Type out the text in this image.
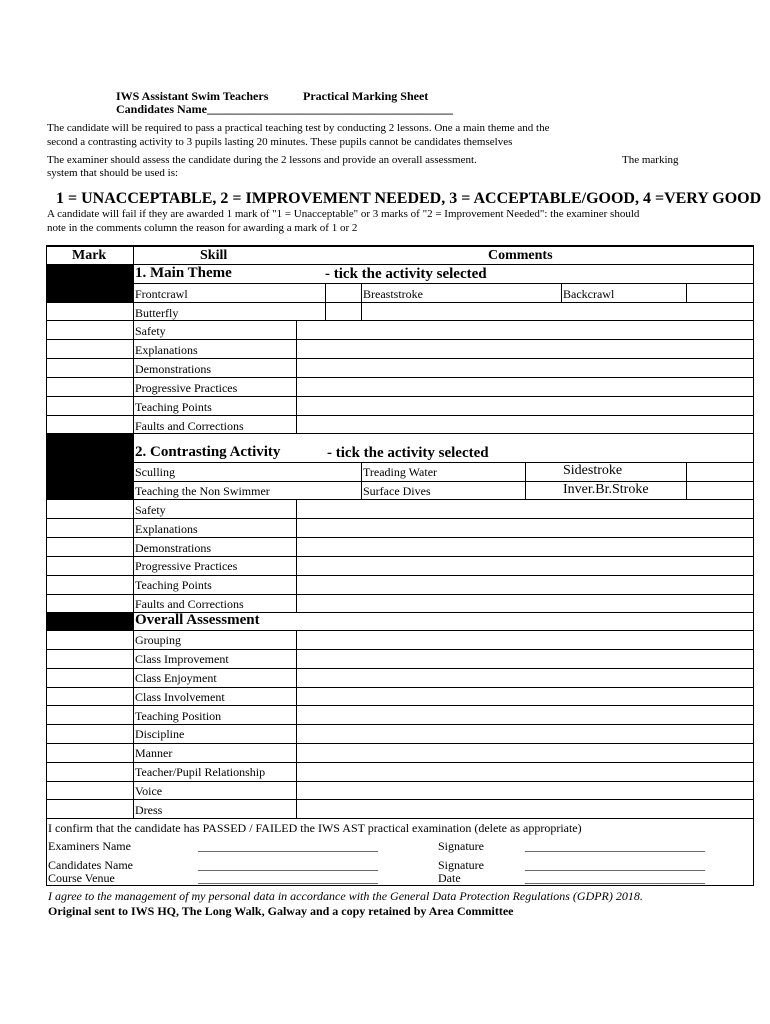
IWS Assistant Swim Teachers	Practical Marking Sheet
Candidates Name_________________________________________
The candidate will be required to pass a practical teaching test by conducting 2 lessons. One a main theme and the
second a contrasting activity to 3 pupils lasting 20 minutes. These pupils cannot be candidates themselves
The examiner should assess the candidate during the 2 lessons and provide an overall assessment.	The marking
system that should be used is:
1 = UNACCEPTABLE, 2 = IMPROVEMENT NEEDED, 3 = ACCEPTABLE/GOOD, 4 =VERY GOOD
A candidate will fail if they are awarded 1 mark of "1 = Unacceptable" or 3 marks of "2 = Improvement Needed": the examiner should
note in the comments column the reason for awarding a mark of 1 or 2
Mark	Skill	Comments
1. Main Theme	- tick the activity selected
Frontcrawl	Breaststroke	Backcrawl
Butterfly
Safety
Explanations
Demonstrations
Progressive Practices
Teaching Points
Faults and Corrections
2. Contrasting Activity	- tick the activity selected
Sculling	Treading Water	Sidestroke
Teaching the Non Swimmer	Surface Dives	Inver.Br.Stroke
Safety
Explanations
Demonstrations
Progressive Practices
Teaching Points
Faults and Corrections
Overall Assessment
Grouping
Class Improvement
Class Enjoyment
Class Involvement
Teaching Position
Discipline
Manner
Teacher/Pupil Relationship
Voice
Dress
I confirm that the candidate has PASSED / FAILED the IWS AST practical examination (delete as appropriate)
Examiners Name	______________________________	Signature	______________________________
Candidates Name	______________________________	Signature	______________________________
Course Venue	______________________________	Date	______________________________
I agree to the management of my personal data in accordance with the General Data Protection Regulations (GDPR) 2018.
Original sent to IWS HQ, The Long Walk, Galway and a copy retained by Area Committee
